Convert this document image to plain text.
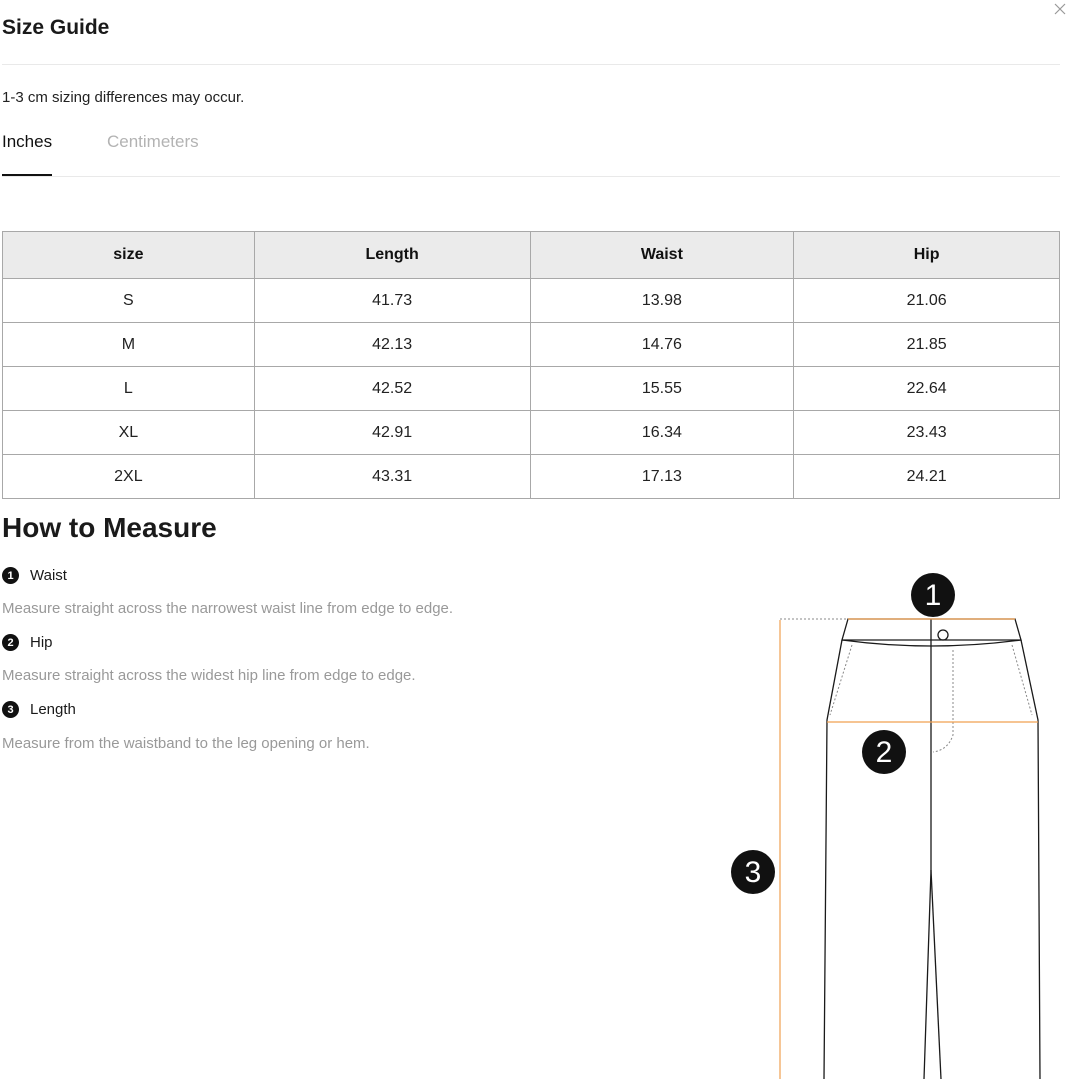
Size Guide
1-3 cm sizing differences may occur.
Inches	Centimeters
size	Length	Waist	Hip
S	41.73	13.98	21.06
M	42.13	14.76	21.85
L	42.52	15.55	22.64
XL	42.91	16.34	23.43
2XL	43.31	17.13	24.21
How to Measure
1	Waist
Measure straight across the narrowest waist line from edge to edge.
2	Hip
Measure straight across the widest hip line from edge to edge.
3	Length
Measure from the waistband to the leg opening or hem.
1
2
3
